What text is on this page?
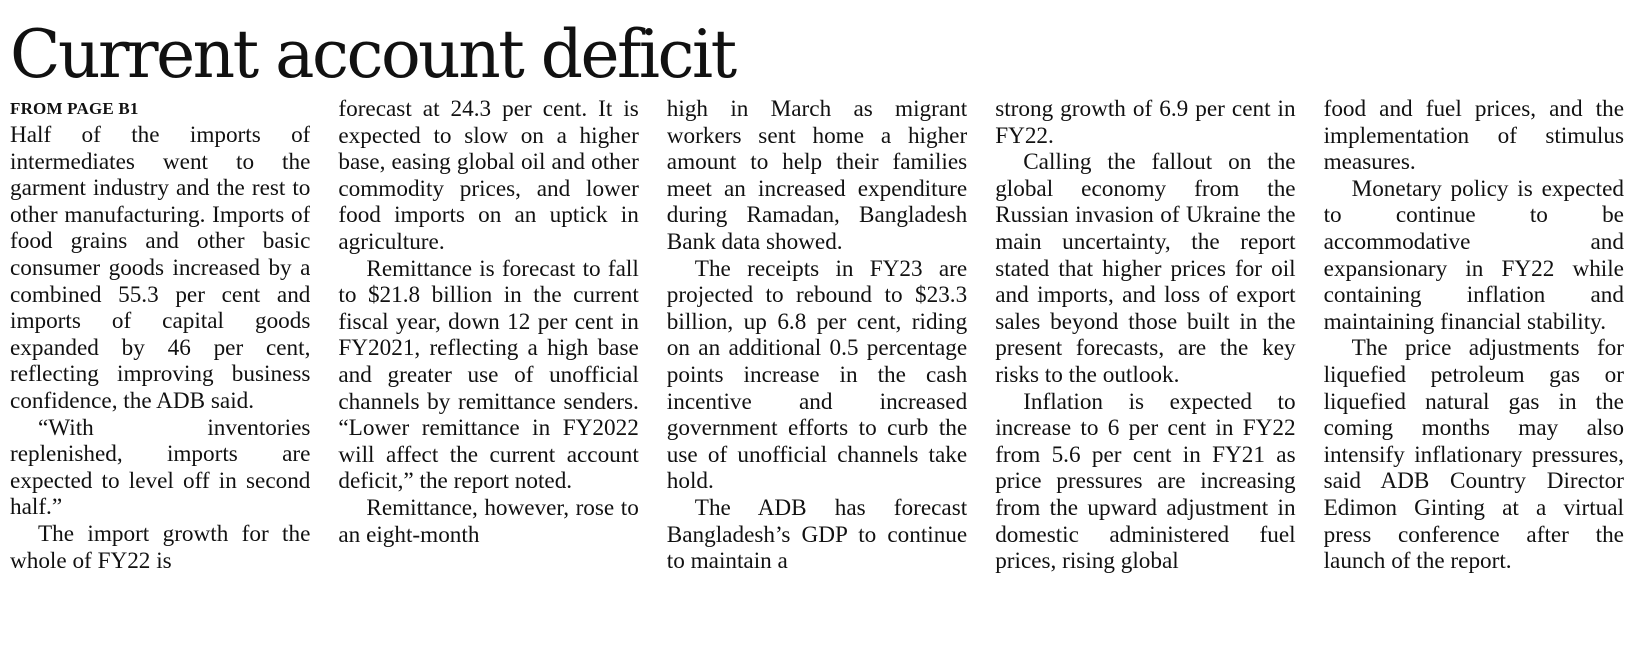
Current account deficit
FROM PAGE B1

Half of the imports of intermediates went to the garment industry and the rest to other manufacturing. Imports of food grains and other basic consumer goods increased by a combined 55.3 per cent and imports of capital goods expanded by 46 per cent, reflecting improving business confidence, the ADB said.

“With inventories replenished, imports are expected to level off in second half.”

The import growth for the whole of FY22 is

forecast at 24.3 per cent. It is expected to slow on a higher base, easing global oil and other commodity prices, and lower food imports on an uptick in agriculture.

Remittance is forecast to fall to $21.8 billion in the current fiscal year, down 12 per cent in FY2021, reflecting a high base and greater use of unofficial channels by remittance senders. “Lower remittance in FY2022 will affect the current account deficit,” the report noted.

Remittance, however, rose to an eight-month

high in March as migrant workers sent home a higher amount to help their families meet an increased expenditure during Ramadan, Bangladesh Bank data showed.

The receipts in FY23 are projected to rebound to $23.3 billion, up 6.8 per cent, riding on an additional 0.5 percentage points increase in the cash incentive and increased government efforts to curb the use of unofficial channels take hold.

The ADB has forecast Bangladesh’s GDP to continue to maintain a

strong growth of 6.9 per cent in FY22.

Calling the fallout on the global economy from the Russian invasion of Ukraine the main uncertainty, the report stated that higher prices for oil and imports, and loss of export sales beyond those built in the present forecasts, are the key risks to the outlook.

Inflation is expected to increase to 6 per cent in FY22 from 5.6 per cent in FY21 as price pressures are increasing from the upward adjustment in domestic administered fuel prices, rising global

food and fuel prices, and the implementation of stimulus measures.

Monetary policy is expected to continue to be accommodative and expansionary in FY22 while containing inflation and maintaining financial stability.

The price adjustments for liquefied petroleum gas or liquefied natural gas in the coming months may also intensify inflationary pressures, said ADB Country Director Edimon Ginting at a virtual press conference after the launch of the report.
